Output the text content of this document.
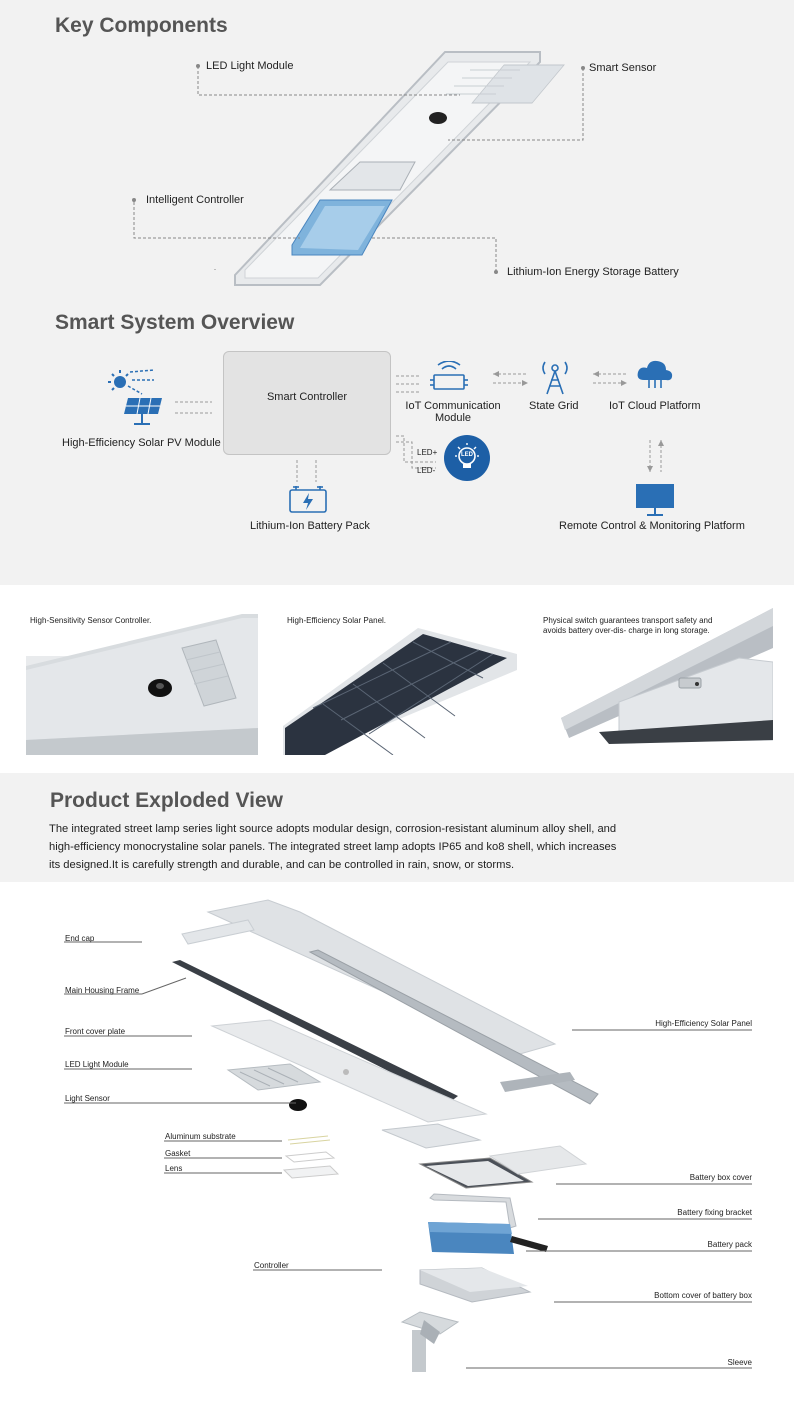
Key Components
LED Light Module	Smart Sensor
Intelligent Controller
Lithium-Ion Energy Storage Battery
Smart System Overview
High-Efficiency Solar PV Module
Smart Controller
IoT Communication Module
State Grid	IoT Cloud Platform
LED+
LED-
LED
Lithium-Ion Battery Pack	Remote Control & Monitoring Platform
High-Sensitivity Sensor Controller.	High-Efficiency Solar Panel.	Physical switch guarantees transport safety and avoids battery over-dis- charge in long storage.
Product Exploded View
The integrated street lamp series light source adopts modular design, corrosion-resistant aluminum alloy shell, and high-efficiency monocrystaline solar panels. The integrated street lamp adopts IP65 and ko8 shell, which increases its designed.It is carefully strength and durable, and can be controlled in rain, snow, or storms.
End cap
Main Housing Frame
Front cover plate
LED Light Module
Light Sensor
Aluminum substrate
Gasket
Lens
Controller
High-Efficiency Solar Panel
Battery box cover
Battery fixing bracket
Battery pack
Bottom cover of battery box
Sleeve
